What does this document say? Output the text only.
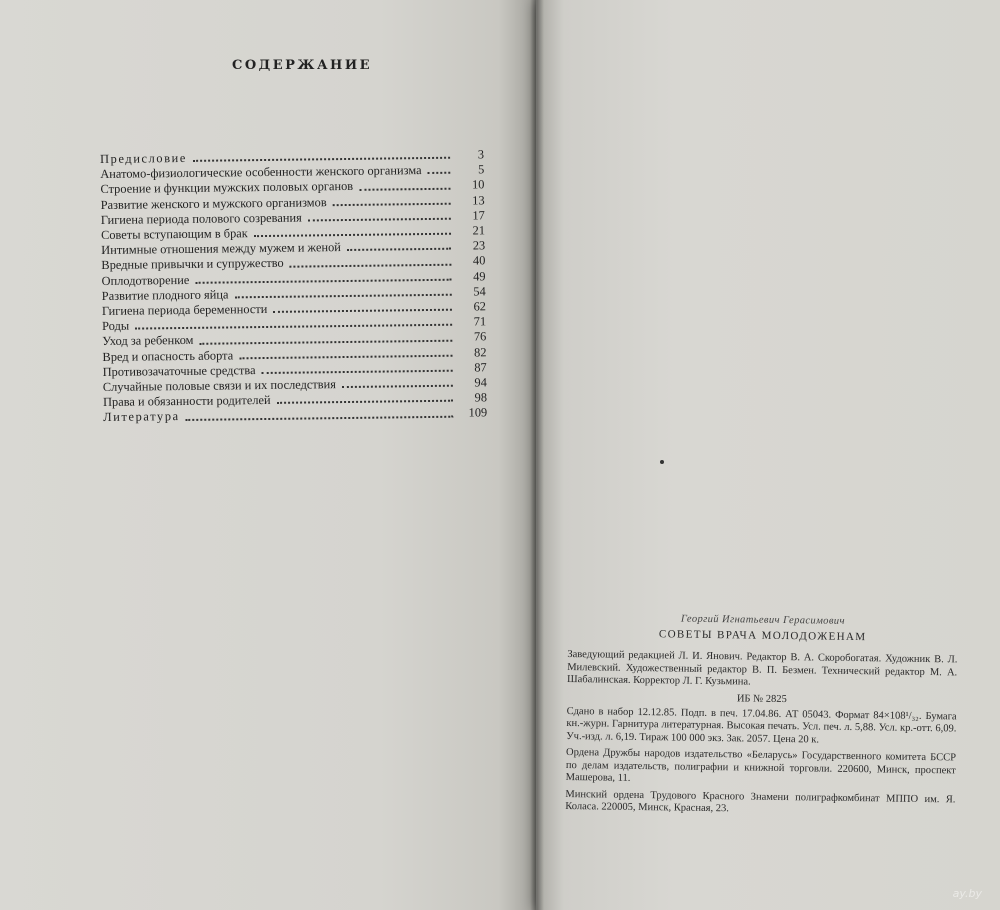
СОДЕРЖАНИЕ
Предисловие	3
Анатомо-физиологические особенности женского организма	5
Строение и функции мужских половых органов	10
Развитие женского и мужского организмов	13
Гигиена периода полового созревания	17
Советы вступающим в брак	21
Интимные отношения между мужем и женой	23
Вредные привычки и супружество	40
Оплодотворение	49
Развитие плодного яйца	54
Гигиена периода беременности	62
Роды	71
Уход за ребенком	76
Вред и опасность аборта	82
Противозачаточные средства	87
Случайные половые связи и их последствия	94
Права и обязанности родителей	98
Литература	109
Георгий Игнатьевич Герасимович
СОВЕТЫ ВРАЧА МОЛОДОЖЕНАМ
Заведующий редакцией Л. И. Янович. Редактор В. А. Скоробогатая. Художник В. Л. Милевский. Художественный редактор В. П. Безмен. Технический редактор М. А. Шабалинская. Корректор Л. Г. Кузьмина.
ИБ № 2825
Сдано в набор 12.12.85. Подп. в печ. 17.04.86. АТ 05043. Формат 84×108¹/₃₂. Бумага кн.-журн. Гарнитура литературная. Высокая печать. Усл. печ. л. 5,88. Усл. кр.-отт. 6,09. Уч.-изд. л. 6,19. Тираж 100 000 экз. Зак. 2057. Цена 20 к.
Ордена Дружбы народов издательство «Беларусь» Государственного комитета БССР по делам издательств, полиграфии и книжной торговли. 220600, Минск, проспект Машерова, 11.
Минский ордена Трудового Красного Знамени полиграфкомбинат МППО им. Я. Коласа. 220005, Минск, Красная, 23.
ay.by
